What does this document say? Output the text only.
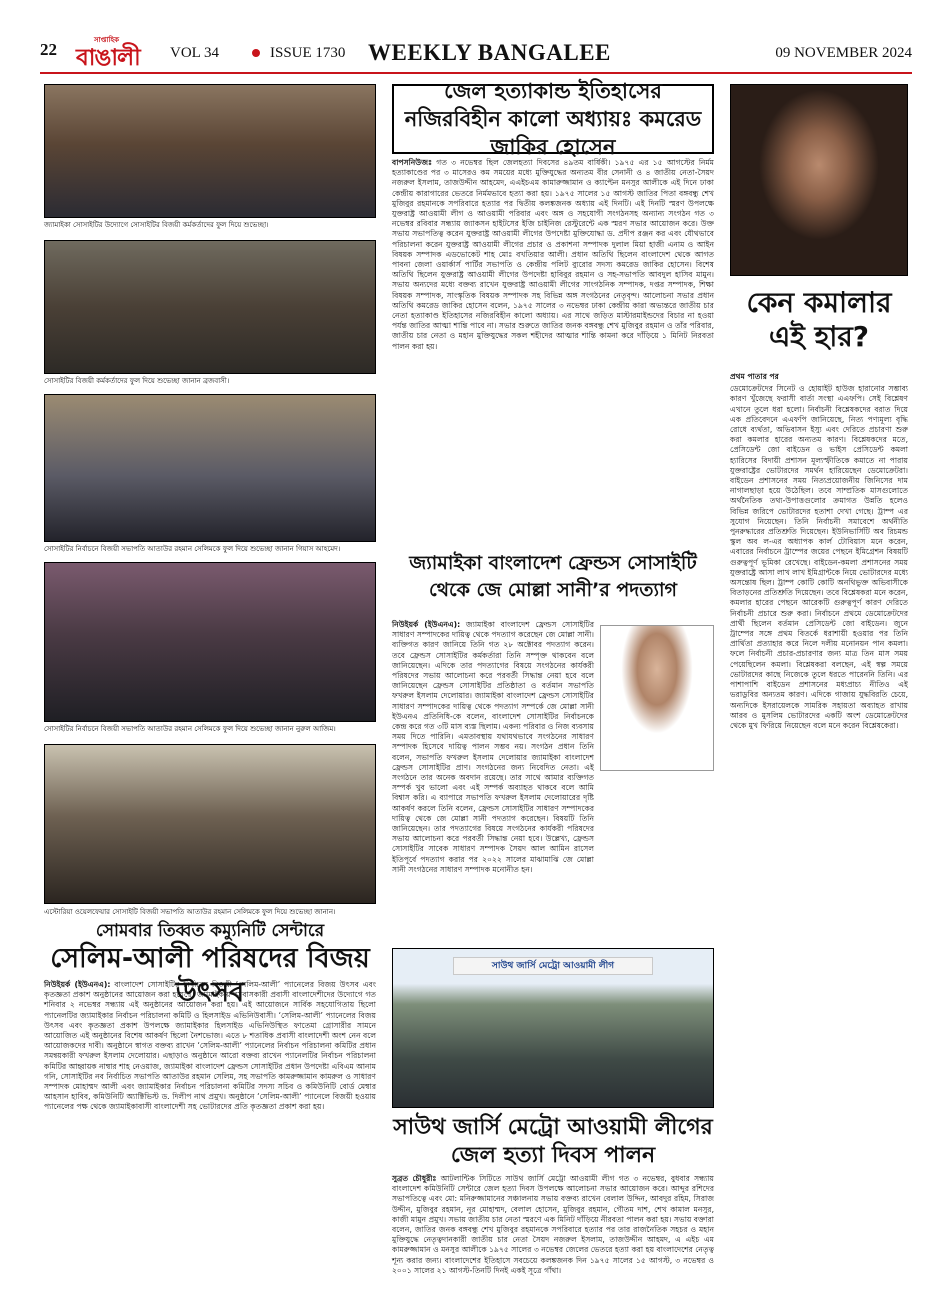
22	সাপ্তাহিক
বাঙালী VOL 34	ISSUE 1730 WEEKLY BANGALEE	09 NOVEMBER 2024
জ্যামাইকা সোসাইটির উদ্যোগে সোসাইটির বিজয়ী কর্মকর্তাদের ফুল দিয়ে শুভেচ্ছা।
সোসাইটির বিজয়ী কর্মকর্তাদের ফুল দিয়ে শুভেচ্ছা জানান ব্রজবাসী।
সোসাইটির নির্বাচনে বিজয়ী সভাপতি আতাউর রহমান সেলিমকে ফুল দিয়ে শুভেচ্ছা জানান গিয়াস আহমেদ।
সোসাইটির নির্বাচনে বিজয়ী সভাপতি আতাউর রহমান সেলিমকে ফুল দিয়ে শুভেচ্ছা জানান নুরুল আজিম।
এস্টোরিয়া ওয়েলফেয়ার সোসাইটি বিজয়ী সভাপতি আতাউর রহমান সেলিমকে ফুল দিয়ে শুভেচ্ছা জানান।
সোমবার তিব্বত কম্যুনিটি সেন্টারে
সেলিম-আলী পরিষদের বিজয় উৎসব

নিউইয়র্ক (ইউএনএ): বাংলাদেশ সোসাইটির নির্বাচনে বিজয়ী ‘সেলিম-আলী’ প্যানেলের বিজয় উৎসব এবং কৃতজ্ঞতা প্রকাশ অনুষ্ঠানের আয়োজন করা হয়েছে। জ্যামাইকায় বসবাসকারী প্রবাসী বাংলাদেশীদের উদ্যোগে গত শনিবার ২ নভেম্বর সন্ধ্যায় এই অনুষ্ঠানের আয়োজন করা হয়। এই আয়োজনে সার্বিক সহযোগিতায় ছিলো প্যানেলটির জ্যামাইকার নির্বাচন পরিচালনা কমিটি ও হিলসাইড এভিনিউবাসী। ‘সেলিম-আলী’ প্যানেলের বিজয় উৎসব এবং কৃতজ্ঞতা প্রকাশ উপলক্ষে জ্যামাইকার হিলসাইড এভিনিউস্থিত ফাতেমা গ্রোসারীর সামনে আয়োজিত এই অনুষ্ঠানের বিশেষ আকর্ষণ ছিলো নৈশভোজ। এতে ৮ শতাধিক প্রবাসী বাংলাদেশী অংশ নেন বলে আয়োজকদের দাবী। অনুষ্ঠানে স্বাগত বক্তব্য রাখেন ‘সেলিম-আলী’ প্যানেলের নির্বাচন পরিচালনা কমিটির প্রধান সমন্বয়কারী ফখরুল ইসলাম দেলোয়ার। এছাড়াও অনুষ্ঠানে আরো বক্তব্য রাখেন প্যানেলটির নির্বাচন পরিচালনা কমিটির আহ্বায়ক নাম্বার শাহ নেওয়াজ, জ্যামাইকা বাংলাদেশ ফ্রেন্ডস সোসাইটির প্রধান উপদেষ্টা এবিএম আনাম গনি, সোসাইটির নব নির্বাচিত সভাপতি আতাউর রহমান সেলিম, সহ সভাপতি কামরুজ্জামান কামরুল ও সাধারণ সম্পাদক মোহাম্মদ আলী এবং জ্যামাইকার নির্বাচন পরিচালনা কমিটির সদস্য সচিব ও কমিউনিটি বোর্ড মেম্বার আহসান হাবিব, কমিউনিটি অ্যাক্টিভিস্ট ড. দিলীপ নাথ প্রমুখ। অনুষ্ঠানে ‘সেলিম-আলী’ প্যানেলে বিজয়ী হওয়ায় প্যানেলের পক্ষ থেকে জ্যামাইকাবাসী বাংলাদেশী সহ ভোটারদের প্রতি কৃতজ্ঞতা প্রকাশ করা হয়।

জেল হত্যাকান্ড ইতিহাসের নজিরবিহীন কালো অধ্যায়ঃ কমরেড জাকির হোসেন

বাপসনিউজঃ গত ৩ নভেম্বর ছিল জেলহত্যা দিবসের ৪৯তম বার্ষিকী। ১৯৭৫ এর ১৫ আগস্টের নির্মম হত্যাকাণ্ডের পর ৩ মাসেরও কম সময়ের মধ্যে মুক্তিযুদ্ধের অন্যতম বীর সেনানী ও ৪ জাতীয় নেতা-সৈয়দ নজরুল ইসলাম, তাজউদ্দীন আহমেদ, এএইচএম কামারুজ্জামান ও ক্যাপ্টেন মনসুর আলীকে এই দিনে ঢাকা কেন্দ্রীয় কারাগারের ভেতরে নির্মমভাবে হত্যা করা হয়। ১৯৭৫ সালের ১৫ আগস্ট জাতির পিতা বঙ্গবন্ধু শেখ মুজিবুর রহমানকে সপরিবারে হত্যার পর দ্বিতীয় কলঙ্কজনক অধ্যায় এই দিনটি। এই দিনটি স্মরণ উপলক্ষে যুক্তরাষ্ট্র আওয়ামী লীগ ও আওয়ামী পরিবার এবং অঙ্গ ও সহযোগী সংগঠনসহ অন্যান্য সংগঠন গত ৩ নভেম্বর রবিবার সন্ধ্যায় জ্যাকসন হাইটসের ইজি চাইনিজ রেস্টুরেন্টে এক স্মরণ সভার আয়োজন করে। উক্ত সভায় সভাপতিত্ব করেন যুক্তরাষ্ট্র আওয়ামী লীগের উপদেষ্টা মুক্তিযোদ্ধা ড. প্রদীপ রঞ্জন কর এবং যৌথভাবে পরিচালনা করেন যুক্তরাষ্ট্র আওয়ামী লীগের প্রচার ও প্রকাশনা সম্পাদক দুলাল মিয়া হাজী এনাম ও আইন বিষয়ক সম্পাদক এডভোকেট শাহ মোঃ বখতিয়ার আলী। প্রধান অতিথি ছিলেন বাংলাদেশ থেকে আগত পাবনা জেলা ওয়ার্কার্স পার্টির সভাপতি ও কেন্দ্রীয় পলিট ব্যুরোর সদস্য কমরেড জাকির হোসেন। বিশেষ অতিথি ছিলেন যুক্তরাষ্ট্র আওয়ামী লীগের উপদেষ্টা হাবিবুর রহমান ও সহ-সভাপতি আবদুল হাসিব মামুন। সভায় অন্যদের মধ্যে বক্তব্য রাখেন যুক্তরাষ্ট্র আওয়ামী লীগের সাংগঠনিক সম্পাদক, দপ্তর সম্পাদক, শিক্ষা বিষয়ক সম্পাদক, সাংস্কৃতিক বিষয়ক সম্পাদক সহ বিভিন্ন অঙ্গ সংগঠনের নেতৃবৃন্দ। আলোচনা সভার প্রধান অতিথি কমরেড জাকির হোসেন বলেন, ১৯৭৫ সালের ৩ নভেম্বর ঢাকা কেন্দ্রীয় কারা অভ্যন্তরে জাতীয় চার নেতা হত্যাকাণ্ড ইতিহাসের নজিরবিহীন কালো অধ্যায়। এর সাথে জড়িত মাস্টারমাইন্ডদের বিচার না হওয়া পর্যন্ত জাতির আত্মা শান্তি পাবে না। সভার শুরুতে জাতির জনক বঙ্গবন্ধু শেখ মুজিবুর রহমান ও তাঁর পরিবার, জাতীয় চার নেতা ও মহান মুক্তিযুদ্ধের সকল শহীদের আত্মার শান্তি কামনা করে দাঁড়িয়ে ১ মিনিট নিরবতা পালন করা হয়।

জ্যামাইকা বাংলাদেশ ফ্রেন্ডস সোসাইটি থেকে জে মোল্লা সানী’র পদত্যাগ

নিউইয়র্ক (ইউএনএ): জ্যামাইকা বাংলাদেশ ফ্রেন্ডস সোসাইটির সাধারণ সম্পাদকের দায়িত্ব থেকে পদত্যাগ করেছেন জে মোল্লা সানী। ব্যক্তিগত কারণ জানিয়ে তিনি গত ২৮ অক্টোবর পদত্যাগ করেন। তবে ফ্রেন্ডস সোসাইটির কর্মকর্তারা তিনি সম্পৃক্ত থাকবেন বলে জানিয়েছেন। এদিকে তার পদত্যাগের বিষয়ে সংগঠনের কার্যকরী পরিষদের সভায় আলোচনা করে পরবর্তী সিদ্ধান্ত নেয়া হবে বলে জানিয়েছেন ফ্রেন্ডস সোসাইটির প্রতিষ্ঠাতা ও বর্তমান সভাপতি ফখরুল ইসলাম দেলোয়ার। জ্যামাইকা বাংলাদেশ ফ্রেন্ডস সোসাইটির সাধারণ সম্পাদকের দায়িত্ব থেকে পদত্যাগ সম্পর্কে জে মোল্লা সানী ইউএনএ প্রতিনিধি-কে বলেন, বাংলাদেশ সোসাইটির নির্বাচনকে কেন্দ্র করে গত ৩টি মাস ব্যস্ত ছিলাম। একন্য পরিবার ও নিজ ব্যবসায় সময় দিতে পারিনি। এমতাবস্থায় যথাযথভাবে সংগঠনের সাধারণ সম্পাদক হিসেবে দায়িত্ব পালন সম্ভব নয়। সংগঠন প্রধান তিনি বলেন, সভাপতি ফখরুল ইসলাম দেলোয়ার জ্যামাইকা বাংলাদেশ ফ্রেন্ডস সোসাইটির প্রাণ। সংগঠনের জন্য নিবেদিত নেতা। এই সংগঠনে তার অনেক অবদান রয়েছে। তার সাথে আমার ব্যক্তিগত সম্পর্ক খুব ভালো এবং এই সম্পর্ক অব্যাহত থাকবে বলে আমি বিশ্বাস করি। এ ব্যাপারে সভাপতি ফখরুল ইসলাম দেলোয়ারের দৃষ্টি আকর্ষণ করলে তিনি বলেন, ফ্রেন্ডস সোসাইটির সাধারণ সম্পাদকের দায়িত্ব থেকে জে মোল্লা সানী পদত্যাগ করেছেন। বিষয়টি তিনি জানিয়েছেন। তার পদত্যাগের বিষয়ে সংগঠনের কার্যকরী পরিষদের সভায় আলোচনা করে পরবর্তী সিদ্ধান্ত নেয়া হবে। উল্লেখ্য, ফ্রেন্ডস সোসাইটির সাবেক সাধারণ সম্পাদক সৈয়দ আল আমিন রাসেল ইতিপূর্বে পদত্যাগ করার পর ২০২২ সালের মাঝামাঝি জে মোল্লা সানী সংগঠনের সাধারণ সম্পাদক মনোনীত হন।

সাউথ জার্সি মেট্রো আওয়ামী লীগ
সাউথ জার্সি মেট্রো আওয়ামী লীগের জেল হত্যা দিবস পালন

সুব্রত চৌধুরীঃ আটলান্টিক সিটিতে সাউথ জার্সি মেট্রো আওয়ামী লীগ গত ৩ নভেম্বর, বুধবার সন্ধ্যায় বাংলাদেশ কমিউনিটি সেন্টারে জেল হত্যা দিবস উপলক্ষে আলোচনা সভার আয়োজন করে। আব্দুর রশিদের সভাপতিত্বে এবং মো: মনিরুজ্জামানের সঞ্চালনায় সভায় বক্তব্য রাখেন বেলাল উদ্দিন, আবদুর রহিম, সিরাজ উদ্দীন, মুজিবুর রহমান, নূর মোহাম্মদ, বেলাল হোসেন, মুজিবুর রহমান, গৌতম দাশ, শেখ কামাল মনসুর, কাজী মামুন প্রমুখ। সভায় জাতীয় চার নেতা স্মরণে এক মিনিট দাঁড়িয়ে নীরবতা পালন করা হয়। সভায় বক্তারা বলেন, জাতির জনক বঙ্গবন্ধু শেখ মুজিবুর রহমানকে সপরিবারে হত্যার পর তার রাজনৈতিক সহচর ও মহান মুক্তিযুদ্ধে নেতৃত্বদানকারী জাতীয় চার নেতা সৈয়দ নজরুল ইসলাম, তাজউদ্দীন আহমদ, এ এইচ এম কামরুজ্জামান ও মনসুর আলীকে ১৯৭৫ সালের ৩ নভেম্বর জেলের ভেতরে হত্যা করা হয় বাংলাদেশের নেতৃত্ব শূন্য করার জন্য। বাংলাদেশের ইতিহাসে সবচেয়ে কলঙ্কজনক দিন ১৯৭৫ সালের ১৫ আগস্ট, ৩ নভেম্বর ও ২০০১ সালের ২১ আগস্ট-তিনটি দিনই একই সূত্রে গাঁথা।

কেন কমালার এই হার?

প্রথম পাতার পর

ডেমোক্রেটদের সিনেট ও হোয়াইট হাউজ হারানোর সম্ভাব্য কারণ খুঁজেছে ফরাসী বার্তা সংস্থা এএফপি। সেই বিশ্লেষণ এখানে তুলে ধরা হলো। নির্বাচনী বিশ্লেষকদের বরাত দিয়ে এক প্রতিবেদনে এএফপি জানিয়েছে, নিত্য পণ্যমূল্য বৃদ্ধি রোধে ব্যর্থতা, অভিবাসন ইস্যু এবং দেরিতে প্রচারণা শুরু করা কমলার হারের অন্যতম কারণ। বিশ্লেষকদের মতে, প্রেসিডেন্ট জো বাইডেন ও ভাইস প্রেসিডেন্ট কমলা হ্যারিসের বিদায়ী প্রশাসন মূল্যস্ফীতিকে কমাতে না পারায় যুক্তরাষ্ট্রের ভোটারদের সমর্থন হারিয়েছেন ডেমোক্রেটরা। বাইডেন প্রশাসনের সময় নিত্যপ্রয়োজনীয় জিনিসের দাম নাগালছাড়া হয়ে উঠেছিল। তবে সাম্প্রতিক মাসগুলোতে অর্থনৈতিক তথ্য-উপাত্তগুলোর ক্রমাগত উন্নতি হলেও বিভিন্ন জরিপে ভোটারদের হতাশা দেখা গেছে। ট্রাম্প এর সুযোগ নিয়েছেন। তিনি নির্বাচনী সমাবেশে অর্থনীতি পুনরুদ্ধারের প্রতিশ্রুতি দিয়েছেন। ইউনিভার্সিটি অব রিচমন্ড স্কুল অব ল-এর অধ্যাপক কার্ল টোবিয়াস মনে করেন, এবারের নির্বাচনে ট্রাম্পের জয়ের পেছনে ইমিগ্রেশন বিষয়টি গুরুত্বপূর্ণ ভূমিকা রেখেছে। বাইডেন-কমলা প্রশাসনের সময় যুক্তরাষ্ট্রে আসা লাখ লাখ ইমিগ্রান্টকে নিয়ে ভোটারদের মধ্যে অসন্তোষ ছিল। ট্রাম্প কোটি কোটি অনথিভুক্ত অভিবাসীকে বিতাড়নের প্রতিশ্রুতি দিয়েছেন। তবে বিশ্লেষকরা মনে করেন, কমলার হারের পেছনে আরেকটি গুরুত্বপূর্ণ কারণ দেরিতে নির্বাচনী প্রচারে শুরু করা। নির্বাচনে প্রথমে ডেমোক্রেটদের প্রার্থী ছিলেন বর্তমান প্রেসিডেন্ট জো বাইডেন। জুনে ট্রাম্পের সঙ্গে প্রথম বিতর্কে ধরাশায়ী হওয়ার পর তিনি প্রার্থিতা প্রত্যাহার করে নিলে দলীয় মনোনয়ন পান কমলা। ফলে নির্বাচনী প্রচার-প্রচারণার জন্য মাত্র তিন মাস সময় পেয়েছিলেন কমলা। বিশ্লেষকরা বলছেন, এই স্বল্প সময়ে ভোটারদের কাছে নিজেকে তুলে ধরতে পারেননি তিনি। এর পাশাপাশি বাইডেন প্রশাসনের মধ্যপ্রাচ্য নীতিও এই ভরাডুবির অন্যতম কারণ। এদিকে গাজায় যুদ্ধবিরতি চেয়ে, অন্যদিকে ইসরায়েলকে সামরিক সহায়তা অব্যাহত রাখায় আরব ও মুসলিম ভোটারদের একটি অংশ ডেমোক্রেটদের থেকে মুখ ফিরিয়ে নিয়েছেন বলে মনে করেন বিশ্লেষকেরা।
